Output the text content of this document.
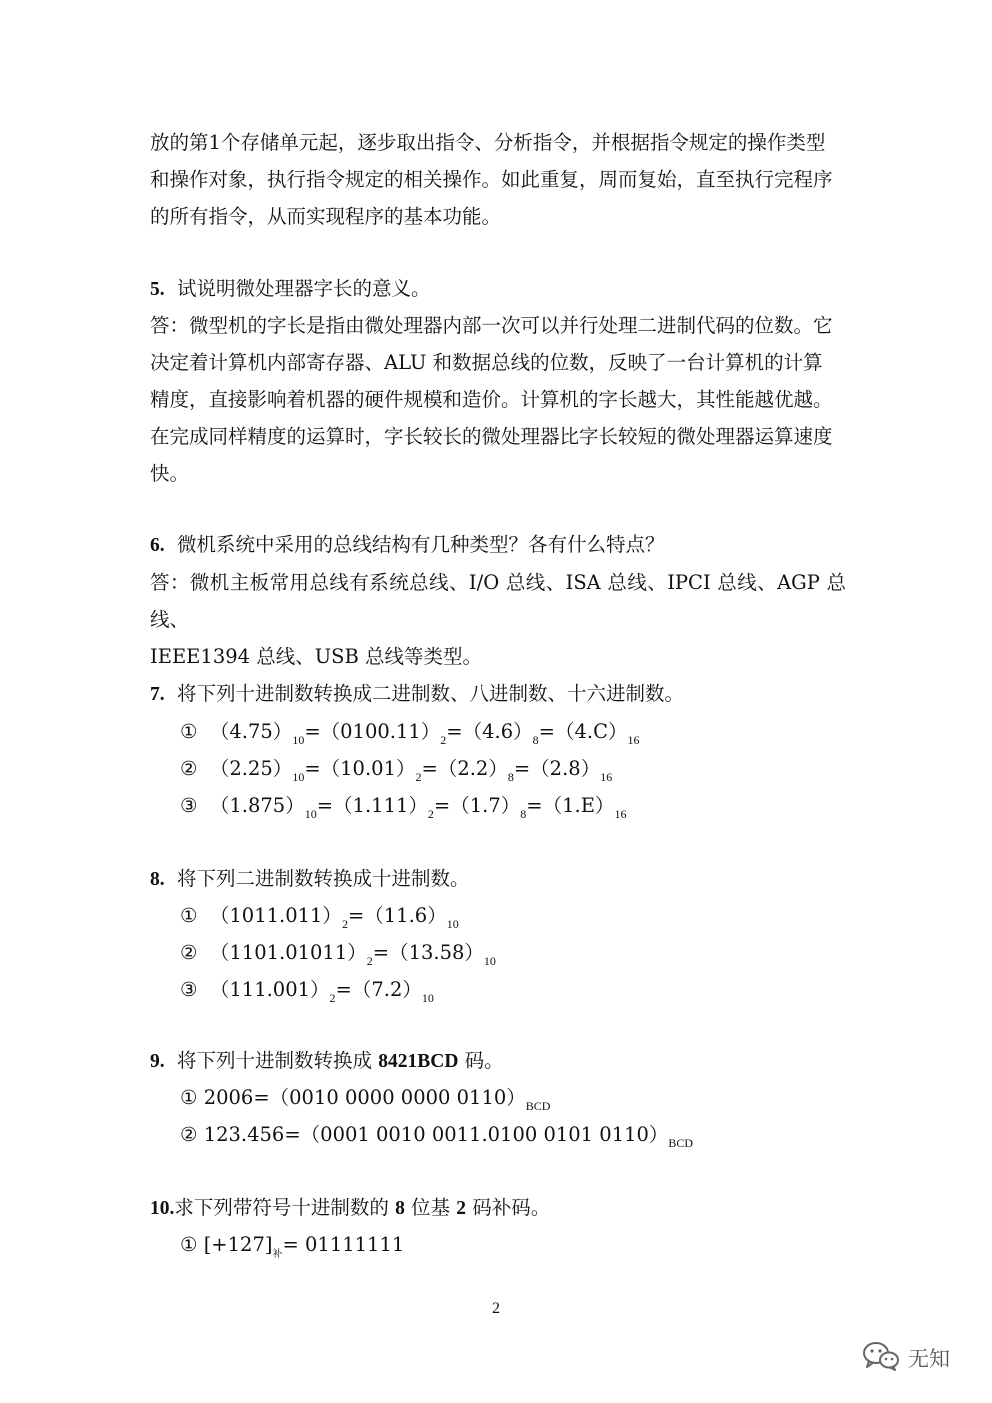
放的第1个存储单元起，逐步取出指令、分析指令，并根据指令规定的操作类型
和操作对象，执行指令规定的相关操作。如此重复，周而复始，直至执行完程序
的所有指令，从而实现程序的基本功能。
5. 试说明微处理器字长的意义。
答：微型机的字长是指由微处理器内部一次可以并行处理二进制代码的位数。它
决定着计算机内部寄存器、ALU 和数据总线的位数，反映了一台计算机的计算
精度，直接影响着机器的硬件规模和造价。计算机的字长越大，其性能越优越。
在完成同样精度的运算时，字长较长的微处理器比字长较短的微处理器运算速度
快。
6. 微机系统中采用的总线结构有几种类型？各有什么特点？
答：微机主板常用总线有系统总线、I/O 总线、ISA 总线、IPCI 总线、AGP 总线、
IEEE1394 总线、USB 总线等类型。
7. 将下列十进制数转换成二进制数、八进制数、十六进制数。
① $(4.75)_{10}=(0100.11)_2=(4.6)_8=(4.C)_{16}$
② $(2.25)_{10}=(10.01)_2=(2.2)_8=(2.8)_{16}$
③ $(1.875)_{10}=(1.111)_2=(1.7)_8=(1.E)_{16}$
8. 将下列二进制数转换成十进制数。
① $(1011.011)_2=(11.6)_{10}$
② $(1101.01011)_2=(13.58)_{10}$
③ $(111.001)_2=(7.2)_{10}$
9. 将下列十进制数转换成 8421BCD 码。
① 2006=（0010 0000 0000 $0110)_{BCD}$
② 123.456=（0001 0010 0011.0100 0101 $0110)_{BCD}$
10.求下列带符号十进制数的 8 位基 2 码补码。
① $[+127]_补= 01111111$
2
无知
